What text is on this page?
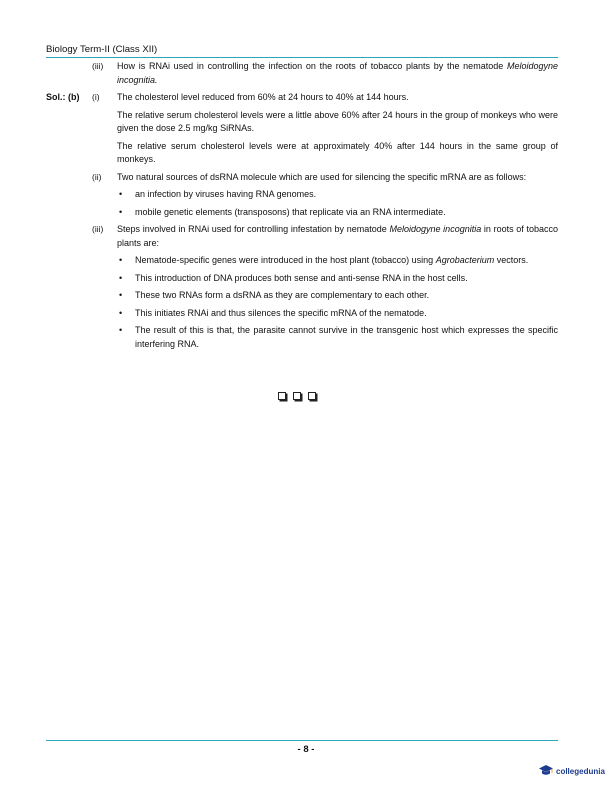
Biology Term-II (Class XII)
(iii) How is RNAi used in controlling the infection on the roots of tobacco plants by the nematode Meloidogyne incognitia.
Sol.: (b) (i) The cholesterol level reduced from 60% at 24 hours to 40% at 144 hours.

The relative serum cholesterol levels were a little above 60% after 24 hours in the group of monkeys who were given the dose 2.5 mg/kg SiRNAs.

The relative serum cholesterol levels were at approximately 40% after 144 hours in the same group of monkeys.

(ii) Two natural sources of dsRNA molecule which are used for silencing the specific mRNA are as follows:

• an infection by viruses having RNA genomes.
• mobile genetic elements (transposons) that replicate via an RNA intermediate.
(iii) Steps involved in RNAi used for controlling infestation by nematode Meloidogyne incognitia in roots of tobacco plants are:

• Nematode-specific genes were introduced in the host plant (tobacco) using Agrobacterium vectors.
• This introduction of DNA produces both sense and anti-sense RNA in the host cells.
• These two RNAs form a dsRNA as they are complementary to each other.
• This initiates RNAi and thus silences the specific mRNA of the nematode.
• The result of this is that, the parasite cannot survive in the transgenic host which expresses the specific interfering RNA.
- 8 -
collegedunia
